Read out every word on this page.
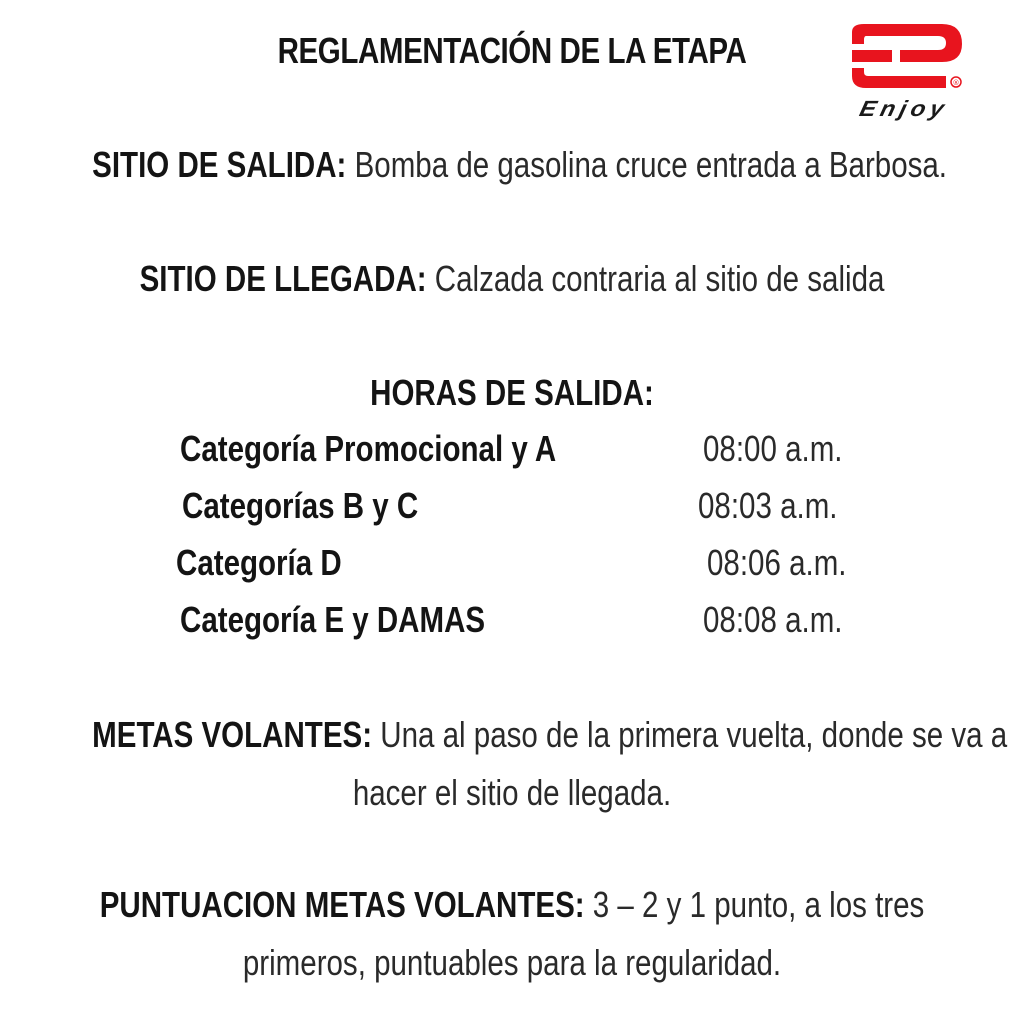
REGLAMENTACIÓN DE LA ETAPA
®
Enjoy
SITIO DE SALIDA: Bomba de gasolina cruce entrada a Barbosa.
SITIO DE LLEGADA: Calzada contraria al sitio de salida
HORAS DE SALIDA:
Categoría Promocional y A	08:00 a.m.
Categorías B y C	08:03 a.m.
Categoría D	08:06 a.m.
Categoría E y DAMAS	08:08 a.m.
METAS VOLANTES: Una al paso de la primera vuelta, donde se va a
hacer el sitio de llegada.
PUNTUACION METAS VOLANTES: 3 – 2 y 1 punto, a los tres
primeros, puntuables para la regularidad.
